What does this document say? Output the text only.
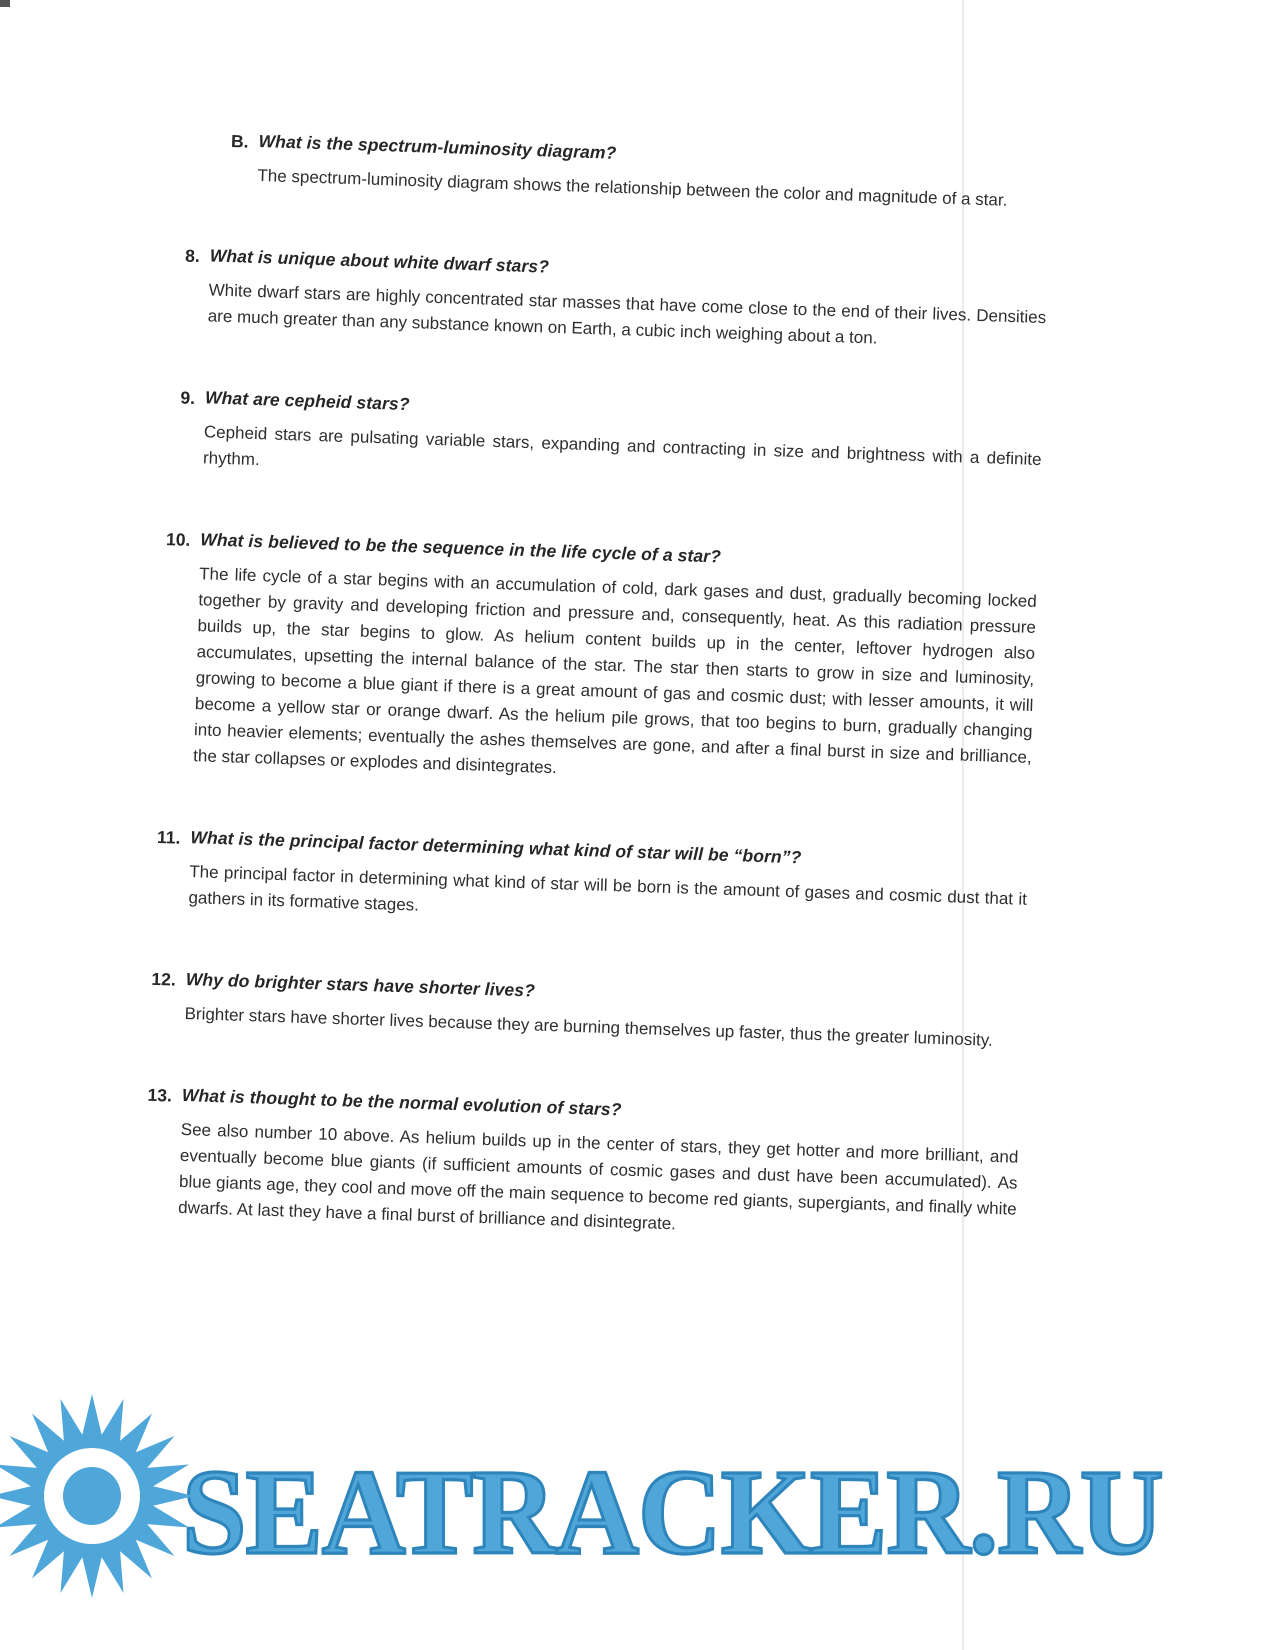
B. What is the spectrum-luminosity diagram?

The spectrum-luminosity diagram shows the relationship between the color and magnitude of a star.

8. What is unique about white dwarf stars?

White dwarf stars are highly concentrated star masses that have come close to the end of their lives. Densities are much greater than any substance known on Earth, a cubic inch weighing about a ton.

9. What are cepheid stars?

Cepheid stars are pulsating variable stars, expanding and contracting in size and brightness with a definite rhythm.

10. What is believed to be the sequence in the life cycle of a star?

The life cycle of a star begins with an accumulation of cold, dark gases and dust, gradually becoming locked together by gravity and developing friction and pressure and, consequently, heat. As this radiation pressure builds up, the star begins to glow. As helium content builds up in the center, leftover hydrogen also accumulates, upsetting the internal balance of the star. The star then starts to grow in size and luminosity, growing to become a blue giant if there is a great amount of gas and cosmic dust; with lesser amounts, it will become a yellow star or orange dwarf. As the helium pile grows, that too begins to burn, gradually changing into heavier elements; eventually the ashes themselves are gone, and after a final burst in size and brilliance, the star collapses or explodes and disintegrates.

11. What is the principal factor determining what kind of star will be “born”?

The principal factor in determining what kind of star will be born is the amount of gases and cosmic dust that it gathers in its formative stages.

12. Why do brighter stars have shorter lives?

Brighter stars have shorter lives because they are burning themselves up faster, thus the greater luminosity.

13. What is thought to be the normal evolution of stars?

See also number 10 above. As helium builds up in the center of stars, they get hotter and more brilliant, and eventually become blue giants (if sufficient amounts of cosmic gases and dust have been accumulated). As blue giants age, they cool and move off the main sequence to become red giants, supergiants, and finally white dwarfs. At last they have a final burst of brilliance and disintegrate.

SEATRACKER.RU
